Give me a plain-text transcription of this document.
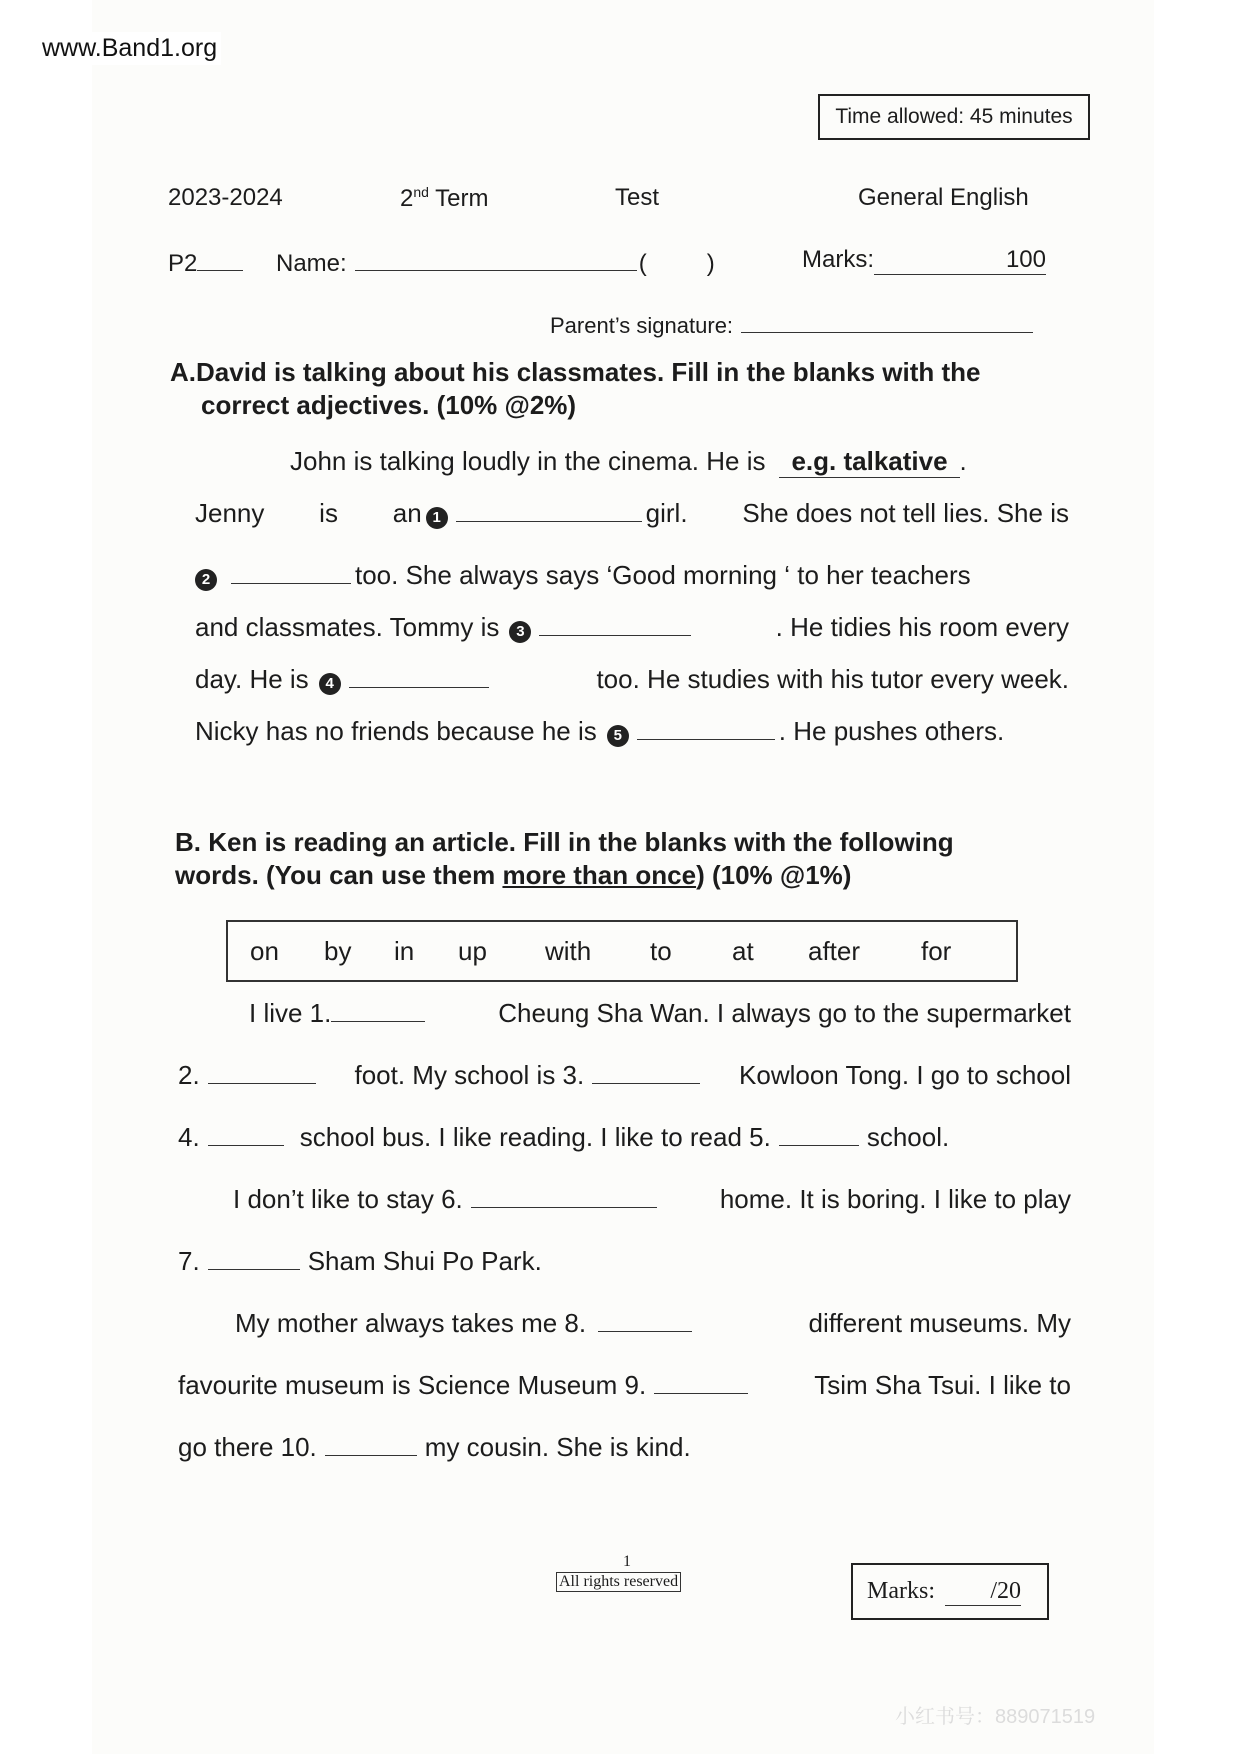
www.Band1.org
Time allowed: 45 minutes
2023-2024	2nd Term	Test	General English
P2	Name:	(	)	Marks:	100
Parent’s signature:
A.David is talking about his classmates. Fill in the blanks with the
correct adjectives. (10% @2%)
John is talking loudly in the cinema. He is	e.g. talkative .
Jenny is an 1	girl. She does not tell lies. She is
2	too. She always says ‘Good morning ‘ to her teachers
and classmates. Tommy is	3	. He tidies his room every
day. He is	4	too. He studies with his tutor every week.
Nicky has no friends because he is	5	. He pushes others.
B. Ken is reading an article. Fill in the blanks with the following
words. (You can use them more than once) (10% @1%)
on by in up with to at after for
I live 1.	Cheung Sha Wan. I always go to the supermarket
2.	foot. My school is 3.	Kowloon Tong. I go to school
4.	school bus. I like reading. I like to read 5.	school.
I don’t like to stay 6.	home. It is boring. I like to play
7.	Sham Shui Po Park.
My mother always takes me 8.	different museums. My
favourite museum is Science Museum 9.	Tsim Sha Tsui. I like to
go there 10.	my cousin. She is kind.
1
All rights reserved	Marks:	/20
小红书号：889071519
